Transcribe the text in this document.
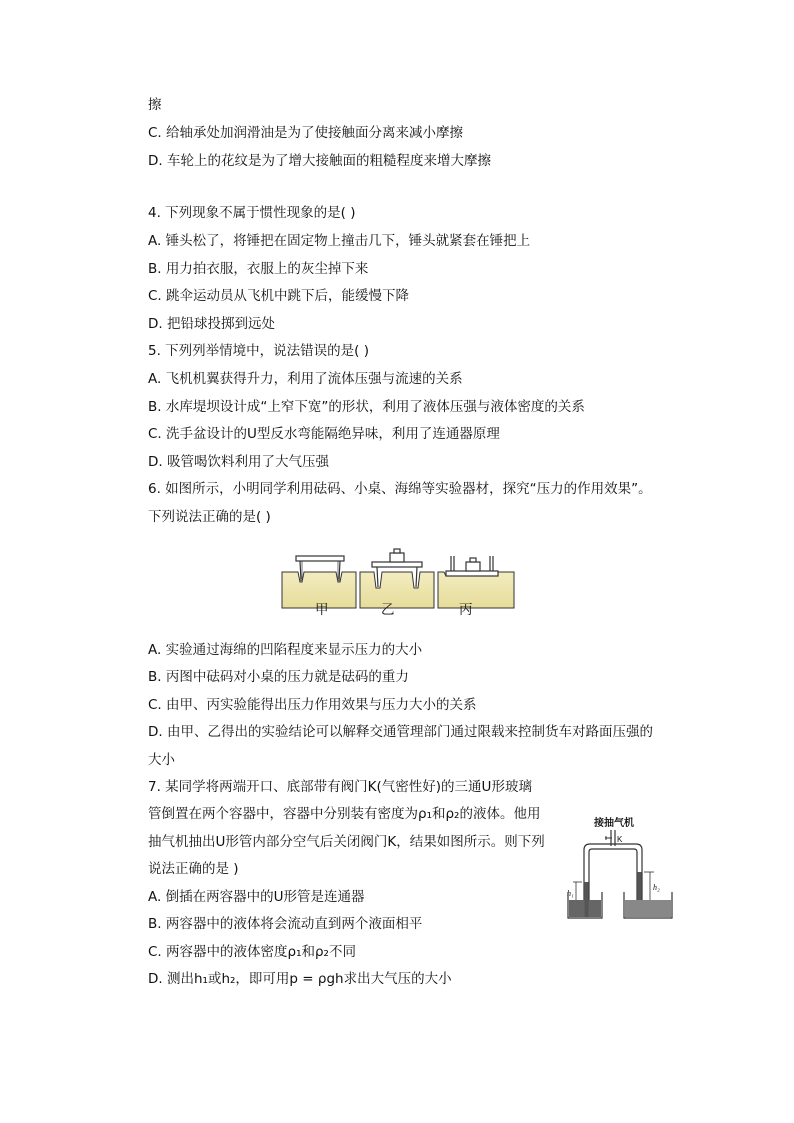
擦
C. 给轴承处加润滑油是为了使接触面分离来减小摩擦
D. 车轮上的花纹是为了增大接触面的粗糙程度来增大摩擦
4. 下列现象不属于惯性现象的是( )
A. 锤头松了，将锤把在固定物上撞击几下，锤头就紧套在锤把上
B. 用力拍衣服，衣服上的灰尘掉下来
C. 跳伞运动员从飞机中跳下后，能缓慢下降
D. 把铅球投掷到远处
5. 下列列举情境中，说法错误的是( )
A. 飞机机翼获得升力，利用了流体压强与流速的关系
B. 水库堤坝设计成“上窄下宽”的形状，利用了液体压强与液体密度的关系
C. 洗手盆设计的U型反水弯能隔绝异味，利用了连通器原理
D. 吸管喝饮料利用了大气压强
6. 如图所示，小明同学利用砝码、小桌、海绵等实验器材，探究“压力的作用效果”。
下列说法正确的是( )
甲	乙	丙
A. 实验通过海绵的凹陷程度来显示压力的大小
B. 丙图中砝码对小桌的压力就是砝码的重力
C. 由甲、丙实验能得出压力作用效果与压力大小的关系
D. 由甲、乙得出的实验结论可以解释交通管理部门通过限载来控制货车对路面压强的
大小
7. 某同学将两端开口、底部带有阀门K(气密性好)的三通U形玻璃
管倒置在两个容器中，容器中分别装有密度为ρ₁和ρ₂的液体。他用
抽气机抽出U形管内部分空气后关闭阀门K，结果如图所示。则下列
说法正确的是 )
接抽气机
K
h₁
h₂
A. 倒插在两容器中的U形管是连通器
B. 两容器中的液体将会流动直到两个液面相平
C. 两容器中的液体密度ρ₁和ρ₂不同
D. 测出h₁或h₂，即可用p = ρgh求出大气压的大小
